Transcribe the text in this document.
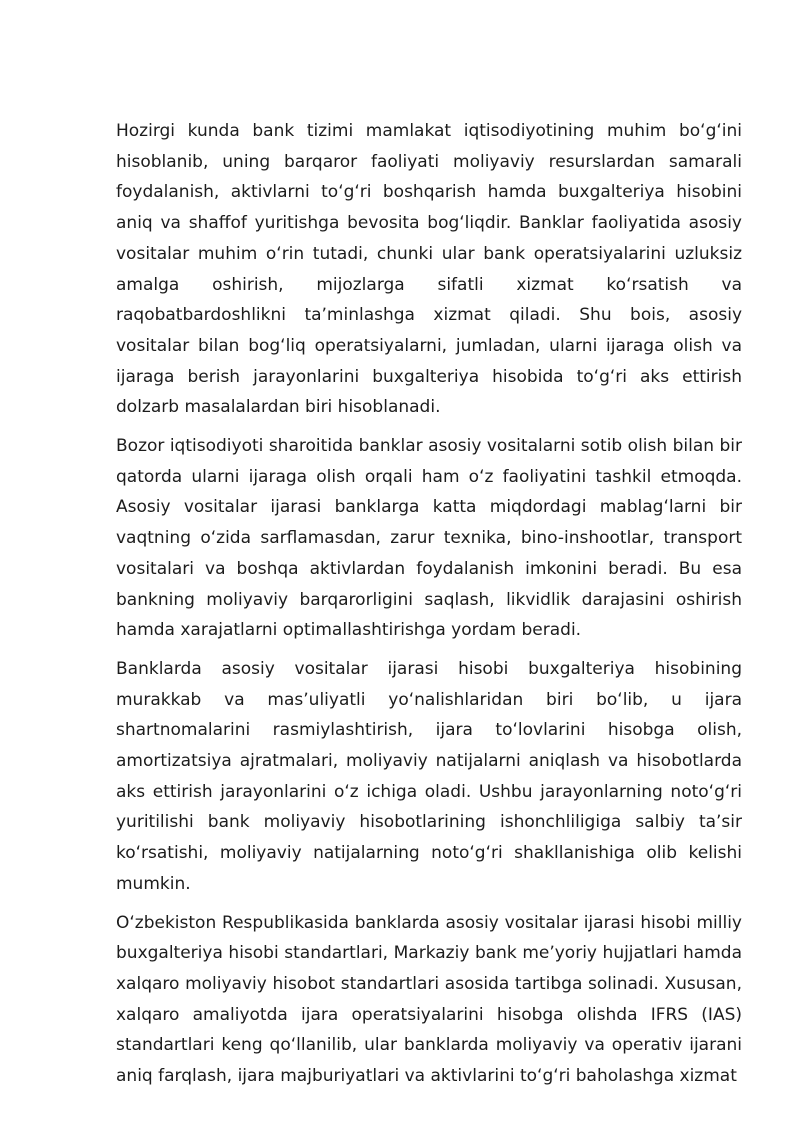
Hozirgi kunda bank tizimi mamlakat iqtisodiyotining muhim boʻgʻini hisoblanib, uning barqaror faoliyati moliyaviy resurslardan samarali foydalanish, aktivlarni toʻgʻri boshqarish hamda buxgalteriya hisobini aniq va shaffof yuritishga bevosita bogʻliqdir. Banklar faoliyatida asosiy vositalar muhim oʻrin tutadi, chunki ular bank operatsiyalarini uzluksiz amalga oshirish, mijozlarga sifatli xizmat koʻrsatish va raqobatbardoshlikni taʼminlashga xizmat qiladi. Shu bois, asosiy vositalar bilan bogʻliq operatsiyalarni, jumladan, ularni ijaraga olish va ijaraga berish jarayonlarini buxgalteriya hisobida toʻgʻri aks ettirish dolzarb masalalardan biri hisoblanadi.

Bozor iqtisodiyoti sharoitida banklar asosiy vositalarni sotib olish bilan bir qatorda ularni ijaraga olish orqali ham oʻz faoliyatini tashkil etmoqda. Asosiy vositalar ijarasi banklarga katta miqdordagi mablagʻlarni bir vaqtning oʻzida sarflamasdan, zarur texnika, bino-inshootlar, transport vositalari va boshqa aktivlardan foydalanish imkonini beradi. Bu esa bankning moliyaviy barqarorligini saqlash, likvidlik darajasini oshirish hamda xarajatlarni optimallashtirishga yordam beradi.

Banklarda asosiy vositalar ijarasi hisobi buxgalteriya hisobining murakkab va masʼuliyatli yoʻnalishlaridan biri boʻlib, u ijara shartnomalarini rasmiylashtirish, ijara toʻlovlarini hisobga olish, amortizatsiya ajratmalari, moliyaviy natijalarni aniqlash va hisobotlarda aks ettirish jarayonlarini oʻz ichiga oladi. Ushbu jarayonlarning notoʻgʻri yuritilishi bank moliyaviy hisobotlarining ishonchliligiga salbiy taʼsir koʻrsatishi, moliyaviy natijalarning notoʻgʻri shakllanishiga olib kelishi mumkin.

Oʻzbekiston Respublikasida banklarda asosiy vositalar ijarasi hisobi milliy buxgalteriya hisobi standartlari, Markaziy bank meʼyoriy hujjatlari hamda xalqaro moliyaviy hisobot standartlari asosida tartibga solinadi. Xususan, xalqaro amaliyotda ijara operatsiyalarini hisobga olishda IFRS (IAS) standartlari keng qoʻllanilib, ular banklarda moliyaviy va operativ ijarani aniq farqlash, ijara majburiyatlari va aktivlarini toʻgʻri baholashga xizmat
